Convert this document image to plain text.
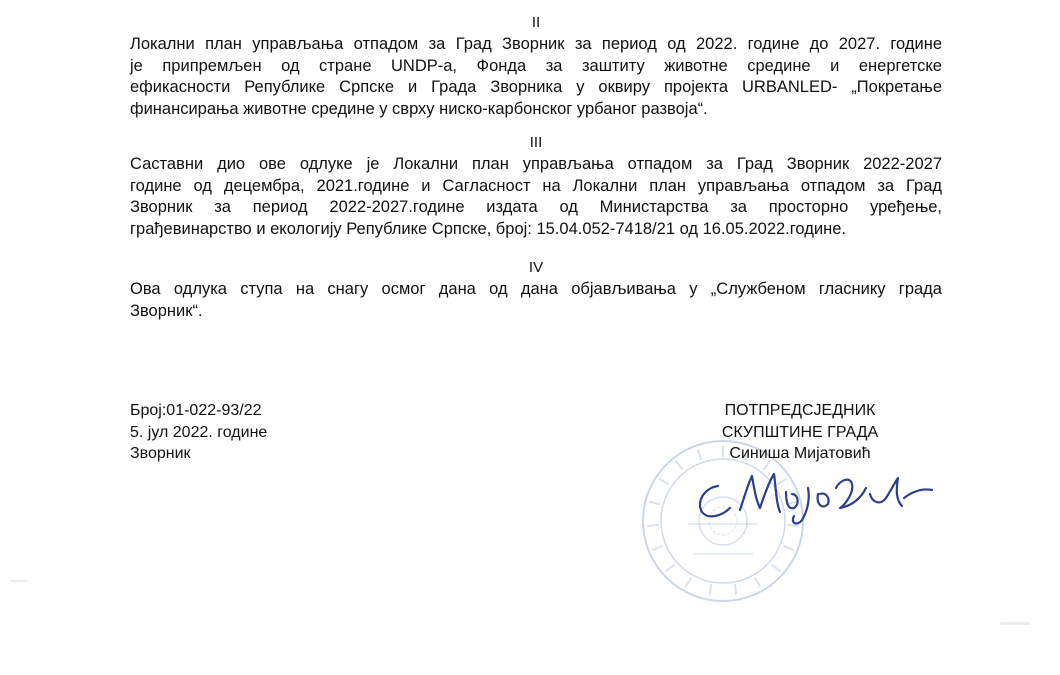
II
Локални план управљања отпадом за Град Зворник за период од 2022. године до 2027. године
је припремљен од стране UNDP-а, Фонда за заштиту животне средине и енергетске
ефикасности Републике Српске и Града Зворника у оквиру пројекта URBANLED- „Покретање
финансирања животне средине у сврху ниско-карбонског урбаног развоја“.
III
Саставни дио ове одлуке је Локални план управљања отпадом за Град Зворник 2022-2027
године од децембра, 2021.године и Сагласност на Локални план управљања отпадом за Град
Зворник за период 2022-2027.године издата од Министарства за просторно уређење,
грађевинарство и екологију Републике Српске, број: 15.04.052-7418/21 од 16.05.2022.године.
IV
Ова одлука ступа на снагу осмог дана од дана објављивања у „Службеном гласнику града
Зворник“.
Број:01-022-93/22
5. јул 2022. године
Зворник
ПОТПРЕДСЈЕДНИК
СКУПШТИНЕ ГРАДА
Синиша Мијатовић
